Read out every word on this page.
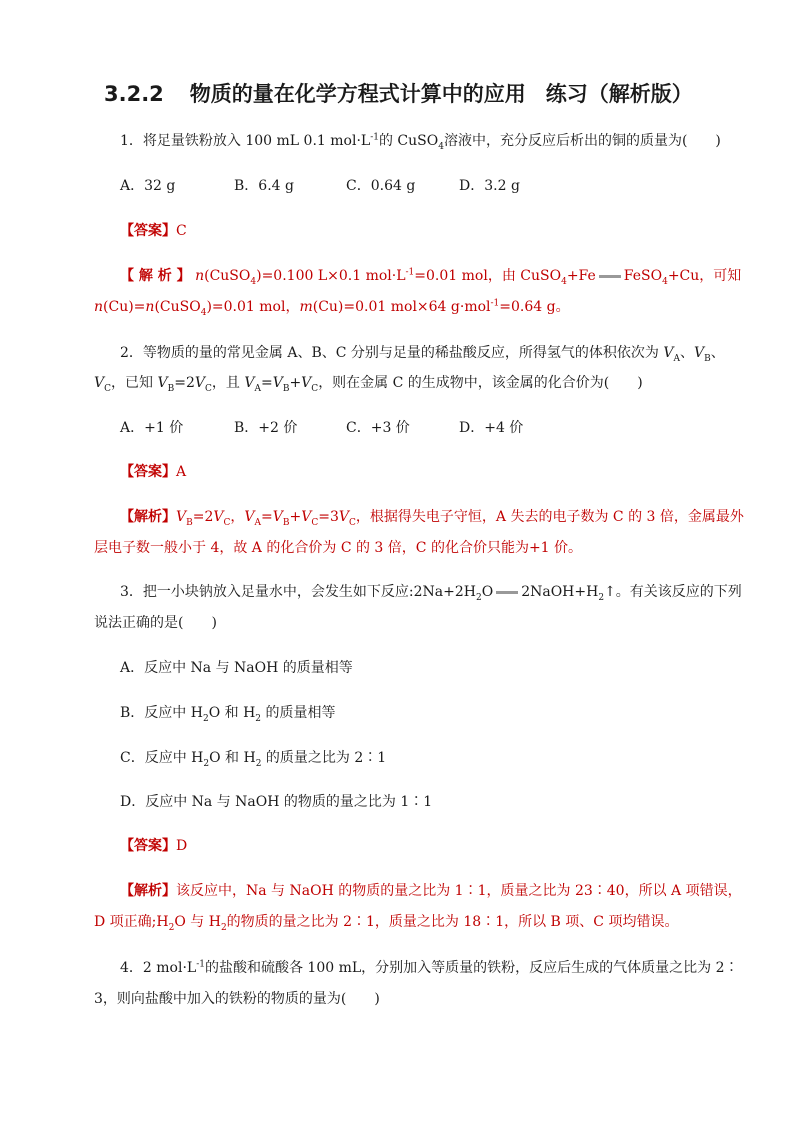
3.2.2 物质的量在化学方程式计算中的应用 练习（解析版）
1．将足量铁粉放入 100 mL 0.1 $mol\cdot L^{-1}$的 CuSO$_4$溶液中，充分反应后析出的铜的质量为(　　)
A．32 g	B．6.4 g	C．0.64 g	D．3.2 g
【答案】C
【 解 析 】 n(CuSO$_4$)=0.100 L×0.1 $mol\cdot L^{-1}=0.01$ mol，由 CuSO$_4$+Fe FeSO$_4$+Cu，可知
n(Cu)=n(CuSO$_4$)=0.01 mol，m(Cu)=0.01 mol×64 g·mol$^{-1}$=0.64 g。
2．等物质的量的常见金属 A、B、C 分别与足量的稀盐酸反应，所得氢气的体积依次为 $V_A$、$V_B$、
$V_C$，已知 $V_B=2V_C$，且 $V_A=V_B+V_C$，则在金属 C 的生成物中，该金属的化合价为(　　)
A．+1 价	B．+2 价	C．+3 价	D．+4 价
【答案】A
【解析】$V_B=2V_C$，$V_A=V_B+V_C=3V_C$，根据得失电子守恒，A 失去的电子数为 C 的 3 倍，金属最外
层电子数一般小于 4，故 A 的化合价为 C 的 3 倍，C 的化合价只能为+1 价。
3．把一小块钠放入足量水中，会发生如下反应$:2Na+2H_2O$ $2NaOH+H_2↑$。有关该反应的下列
说法正确的是(　　)
A．反应中 Na 与 NaOH 的质量相等
B．反应中 $H_2O$ 和 $H_2$ 的质量相等
C．反应中 $H_2O$ 和 $H_2$ 的质量之比为 2∶1
D．反应中 Na 与 NaOH 的物质的量之比为 1∶1
【答案】D
【解析】该反应中，Na 与 NaOH 的物质的量之比为 1∶1，质量之比为 23∶40，所以 A 项错误，
D 项正确$;H_2O$ 与 $H_2$的物质的量之比为 2∶1，质量之比为 18∶1，所以 B 项、C 项均错误。
4．2 $mol\cdot L^{-1}$的盐酸和硫酸各 100 mL，分别加入等质量的铁粉，反应后生成的气体质量之比为 2∶
3，则向盐酸中加入的铁粉的物质的量为(　　)
